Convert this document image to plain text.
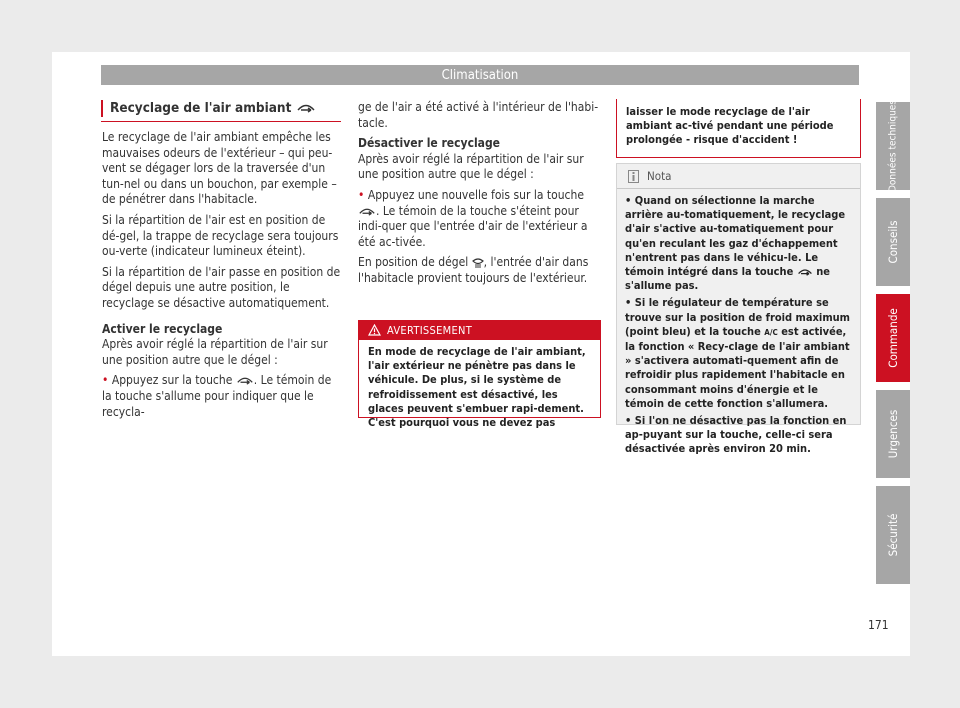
Climatisation
Recyclage de l'air ambiant

Le recyclage de l'air ambiant empêche les mauvaises odeurs de l'extérieur – qui peu-vent se dégager lors de la traversée d'un tun-nel ou dans un bouchon, par exemple – de pénétrer dans l'habitacle.

Si la répartition de l'air est en position de dé-gel, la trappe de recyclage sera toujours ou-verte (indicateur lumineux éteint).

Si la répartition de l'air passe en position de dégel depuis une autre position, le recyclage se désactive automatiquement.

Activer le recyclage

Après avoir réglé la répartition de l'air sur une position autre que le dégel :

• Appuyez sur la touche . Le témoin de la touche s'allume pour indiquer que le recycla-

ge de l'air a été activé à l'intérieur de l'habi-tacle.

Désactiver le recyclage

Après avoir réglé la répartition de l'air sur une position autre que le dégel :

• Appuyez une nouvelle fois sur la touche . Le témoin de la touche s'éteint pour indi-quer que l'entrée d'air de l'extérieur a été ac-tivée.

En position de dégel , l'entrée d'air dans l'habitacle provient toujours de l'extérieur.

AVERTISSEMENT
En mode de recyclage de l'air ambiant, l'air extérieur ne pénètre pas dans le véhicule. De plus, si le système de refroidissement est désactivé, les glaces peuvent s'embuer rapi-dement. C'est pourquoi vous ne devez pas
laisser le mode recyclage de l'air ambiant ac-tivé pendant une période prolongée - risque d'accident !
Nota

• Quand on sélectionne la marche arrière au-tomatiquement, le recyclage d'air s'active au-tomatiquement pour qu'en reculant les gaz d'échappement n'entrent pas dans le véhicu-le. Le témoin intégré dans la touche ne s'allume pas.

• Si le régulateur de température se trouve sur la position de froid maximum (point bleu) et la touche A/C est activée, la fonction « Recy-clage de l'air ambiant » s'activera automati-quement afin de refroidir plus rapidement l'habitacle en consommant moins d'énergie et le témoin de cette fonction s'allumera.

• Si l'on ne désactive pas la fonction en ap-puyant sur la touche, celle-ci sera désactivée après environ 20 min.

Données techniques
Conseils
Commande
Urgences
Sécurité
171
